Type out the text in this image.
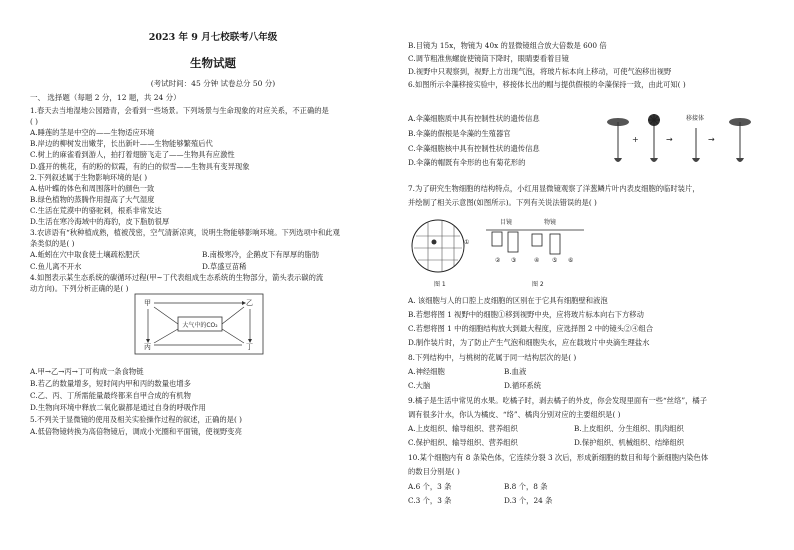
2023 年 9 月七校联考八年级
生物试题
(考试时间：45 分钟 试卷总分 50 分)
一、 选择题（每题 2 分，12 题，共 24 分）
1.春天去当地湿地公园踏青，会看到一些场景。下列场景与生命现象的对应关系，不正确的是
( )
A.睡莲的茎是中空的——生物适应环境
B.岸边的柳树发出嫩芽，长出新叶——生物能够繁殖后代
C.树上的麻雀看到游人，拍打着翅膀飞走了——生物具有应激性
D.盛开的桃花，有的粉的似霞，有的白的似雪——生物具有变异现象
2.下列叙述属于生物影响环境的是( )
A.枯叶蝶的体色和周围落叶的颜色一致
B.绿色植物的蒸腾作用提高了大气湿度
C.生活在荒漠中的骆驼刺，根系非常发达
D.生活在寒冷海域中的海豹，皮下脂肪很厚
3.农谚语有“秋种植成熟，植被茂密，空气清新凉爽，说明生物能够影响环境。下列选项中和此观
条类似的是( )
A.蚯蚓在穴中取食使土壤疏松肥沃	B.南极寒冷，企鹅皮下有厚厚的脂肪
C.鱼儿离不开水	D.草盛豆苗稀
4.如图表示某生态系统的碳循环过程(甲~丁代表组成生态系统的生物部分，箭头表示碳的流
动方向)。下列分析正确的是( )
大气中的CO₂
甲	乙
丙	丁
A.甲→乙→丙→丁可构成一条食物链
B.若乙的数量增多，短时间内甲和丙的数量也增多
C.乙、丙、丁所需能量最终都来自甲合成的有机物
D.生物向环境中释放二氧化碳都是通过自身的呼吸作用
5.不列关于显微镜的使用及相关实验操作过程的叙述，正确的是( )
A.低倍物镜转换为高倍物镜后，调成小光圈和平面镜，使视野变亮
B.目镜为 15x，物镜为 40x 的显微镜组合放大倍数是 600 倍
C.调节粗准焦螺旋使镜筒下降时，眼睛要看着目镜
D.视野中只观察到，视野上方出现气泡，将玻片标本向上移动，可使气泡移出视野
6.如图所示伞藻移接实验中，移接体长出的帽与提供假根的伞藻保持一致，由此可知( )
A.伞藻细胞质中具有控制性状的遗传信息
B.伞藻的假根是伞藻的生殖器官
C.伞藻细胞核中具有控制性状的遗传信息
D.伞藻的帽既有伞形的也有菊花形的
+	→
移接体
→
7.为了研究生物细胞的结构特点，小红用显微镜观察了洋葱鳞片叶内表皮细胞的临时装片，
并绘制了相关示意图(如图所示)。下列有关说法错误的是( )
①
图 1
目镜	物镜
② ③	④ ⑤ ⑥
图 2
A. 该细胞与人的口腔上皮细胞的区别在于它具有细胞壁和液泡
B.若想将图 1 视野中的细胞①移到视野中央，应将玻片标本向右下方移动
C.若想将图 1 中的细胞结构放大到最大程度，应选择图 2 中的镜头②④组合
D.制作装片时，为了防止产生气泡和细胞失水，应在载玻片中央滴生理盐水
8.下列结构中，与桃树的花属于同一结构层次的是( )
A.神经细胞	B.血液
C.大脑	D.循环系统
9.橘子是生活中常见的水果。吃橘子时，剥去橘子的外皮，你会发现里面有一些“丝络”，橘子
调有很多汁水，你认为橘皮、“络”、橘肉分别对应的主要组织是( )
A.上皮组织、输导组织、营养组织	B.上皮组织、分生组织、肌肉组织
C.保护组织、输导组织、营养组织	D.保护组织、机械组织、结缔组织
10.某个细胞内有 8 条染色体，它连续分裂 3 次后，形成新细胞的数目和每个新细胞内染色体
的数目分别是( )
A.6 个，3 条	B.8 个，8 条
C.3 个，3 条	D.3 个，24 条
